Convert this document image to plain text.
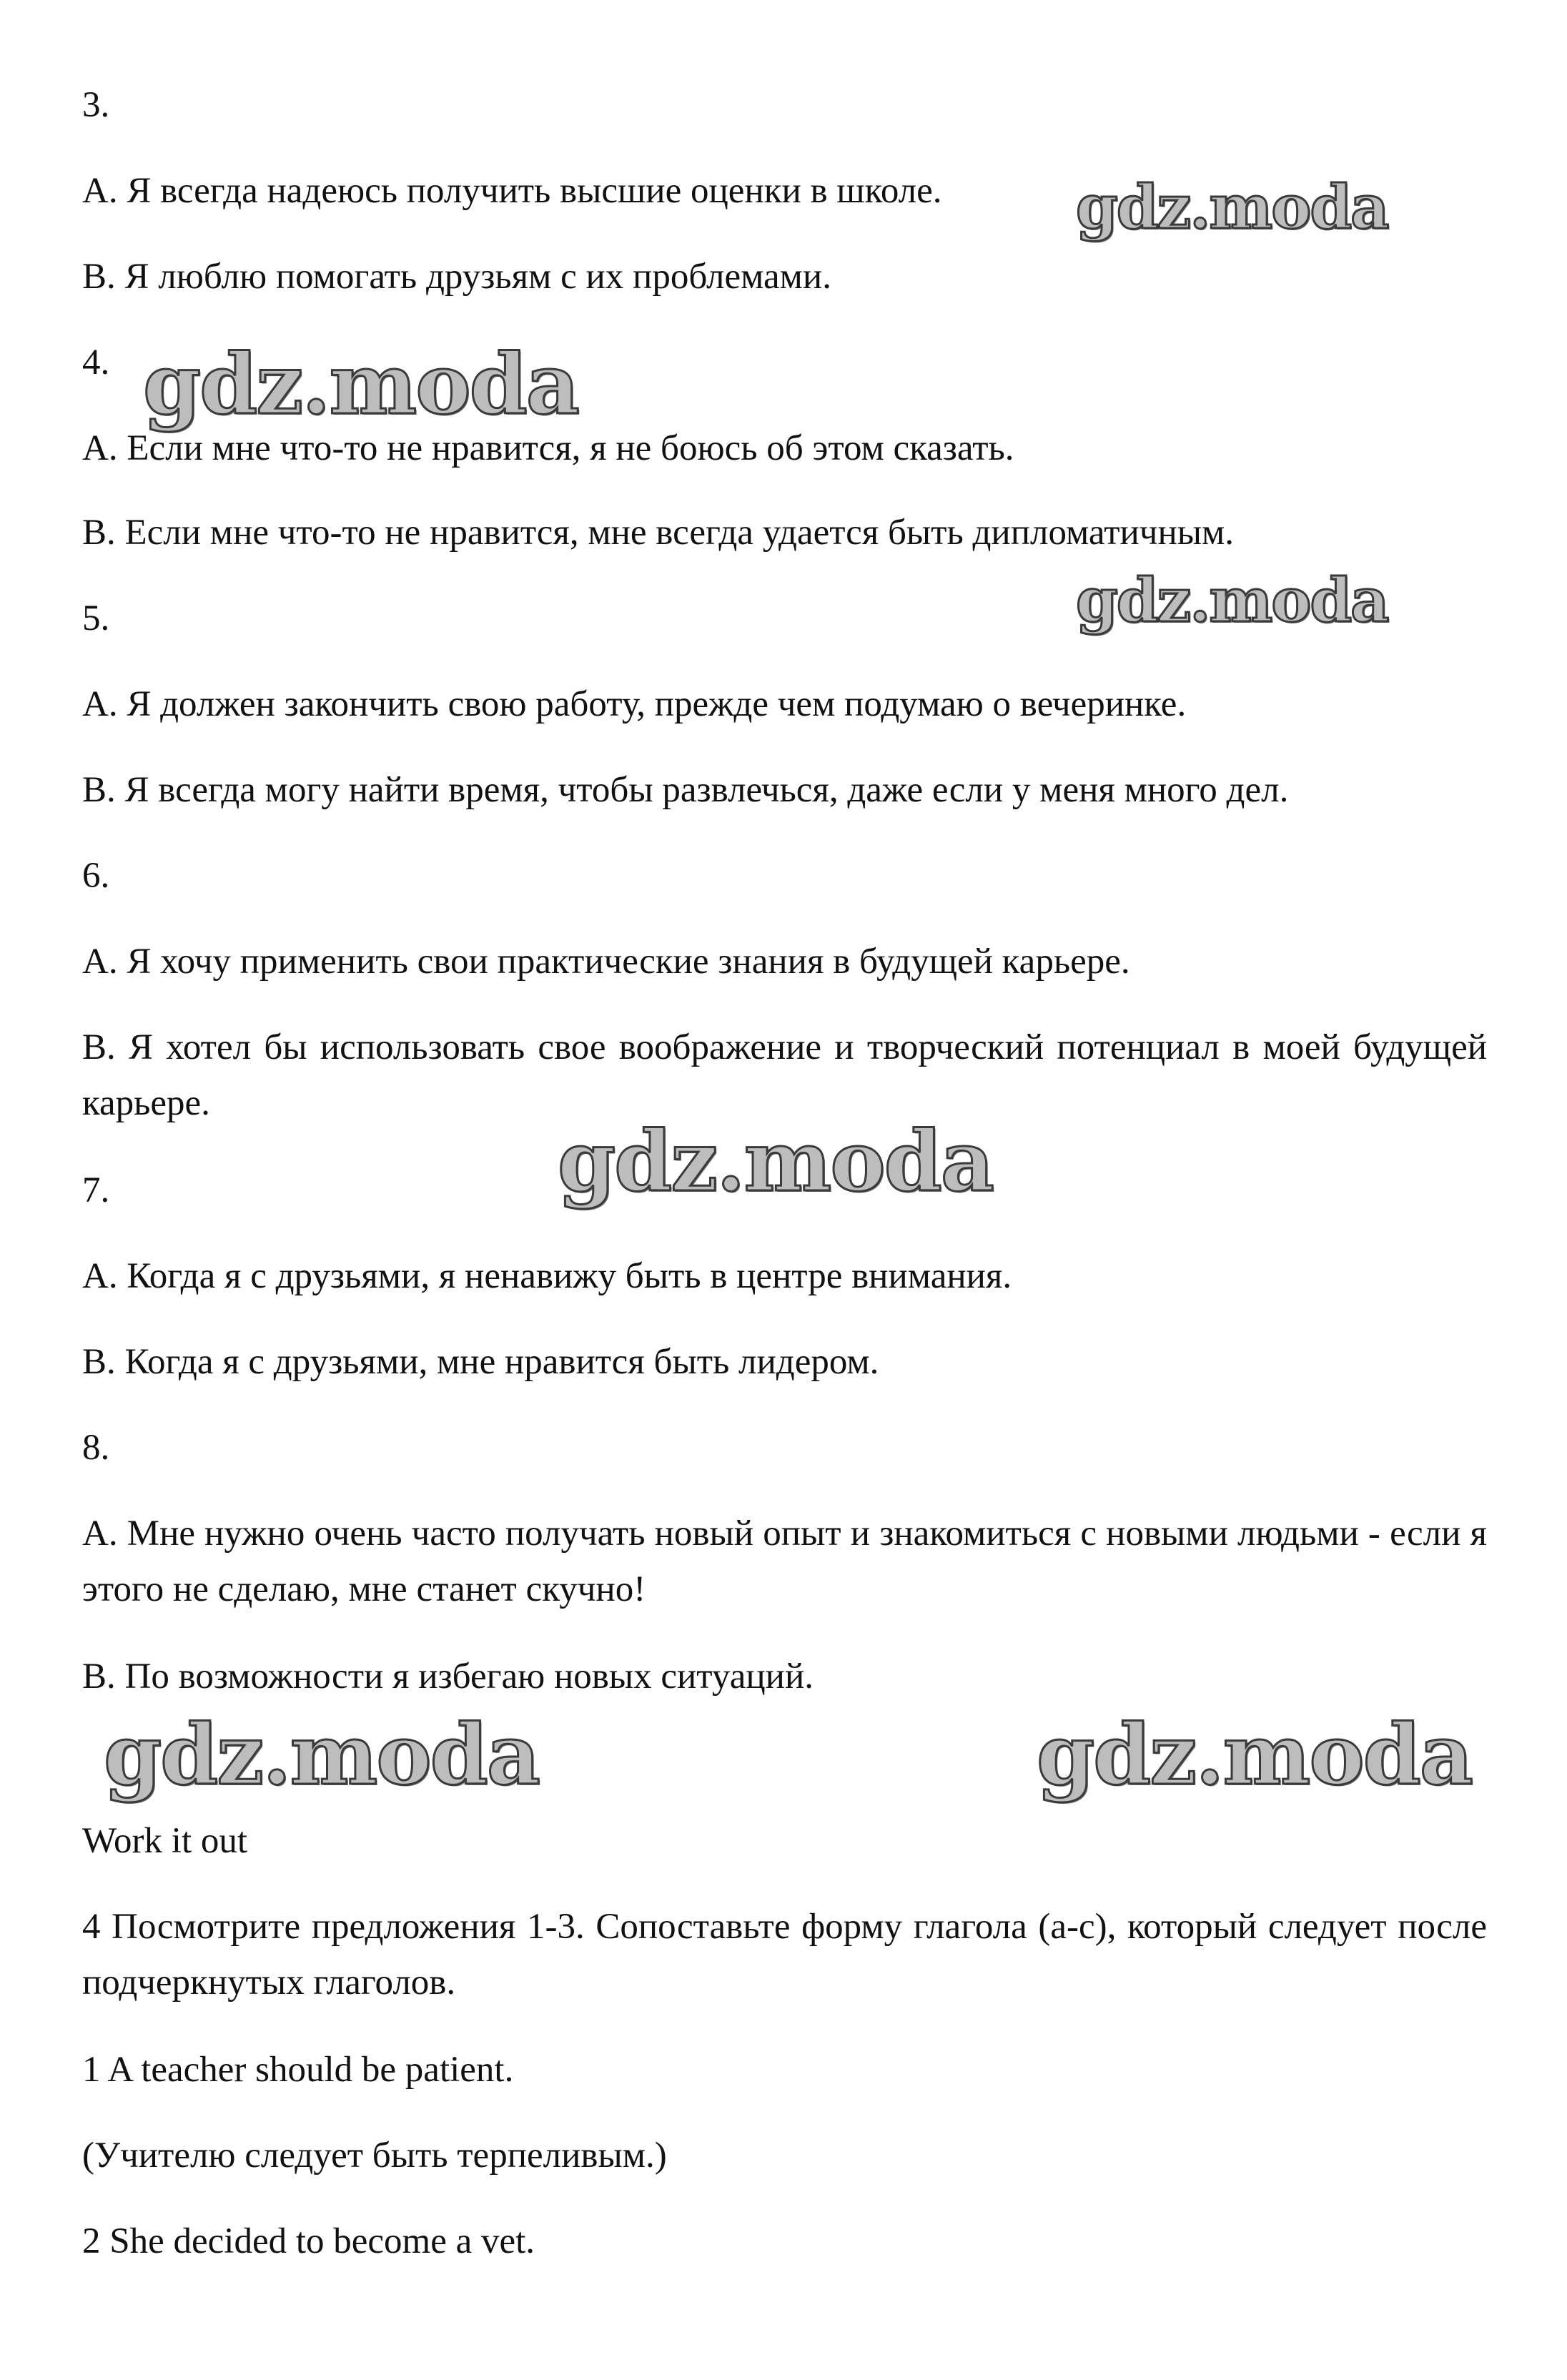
3.
A. Я всегда надеюсь получить высшие оценки в школе.
B. Я люблю помогать друзьям с их проблемами.
4.
A. Если мне что-то не нравится, я не боюсь об этом сказать.
B. Если мне что-то не нравится, мне всегда удается быть дипломатичным.
5.
A. Я должен закончить свою работу, прежде чем подумаю о вечеринке.
B. Я всегда могу найти время, чтобы развлечься, даже если у меня много дел.
6.
A. Я хочу применить свои практические знания в будущей карьере.
B. Я хотел бы использовать свое воображение и творческий потенциал в моей будущей карьере.
7.
A. Когда я с друзьями, я ненавижу быть в центре внимания.
B. Когда я с друзьями, мне нравится быть лидером.
8.
A. Мне нужно очень часто получать новый опыт и знакомиться с новыми людьми - если я этого не сделаю, мне станет скучно!
B. По возможности я избегаю новых ситуаций.
Work it out
4 Посмотрите предложения 1-3. Сопоставьте форму глагола (a-c), который следует после подчеркнутых глаголов.
1 A teacher should be patient.
(Учителю следует быть терпеливым.)
2 She decided to become a vet.
gdz.moda
gdz.moda
gdz.moda
gdz.moda
gdz.moda	gdz.moda
